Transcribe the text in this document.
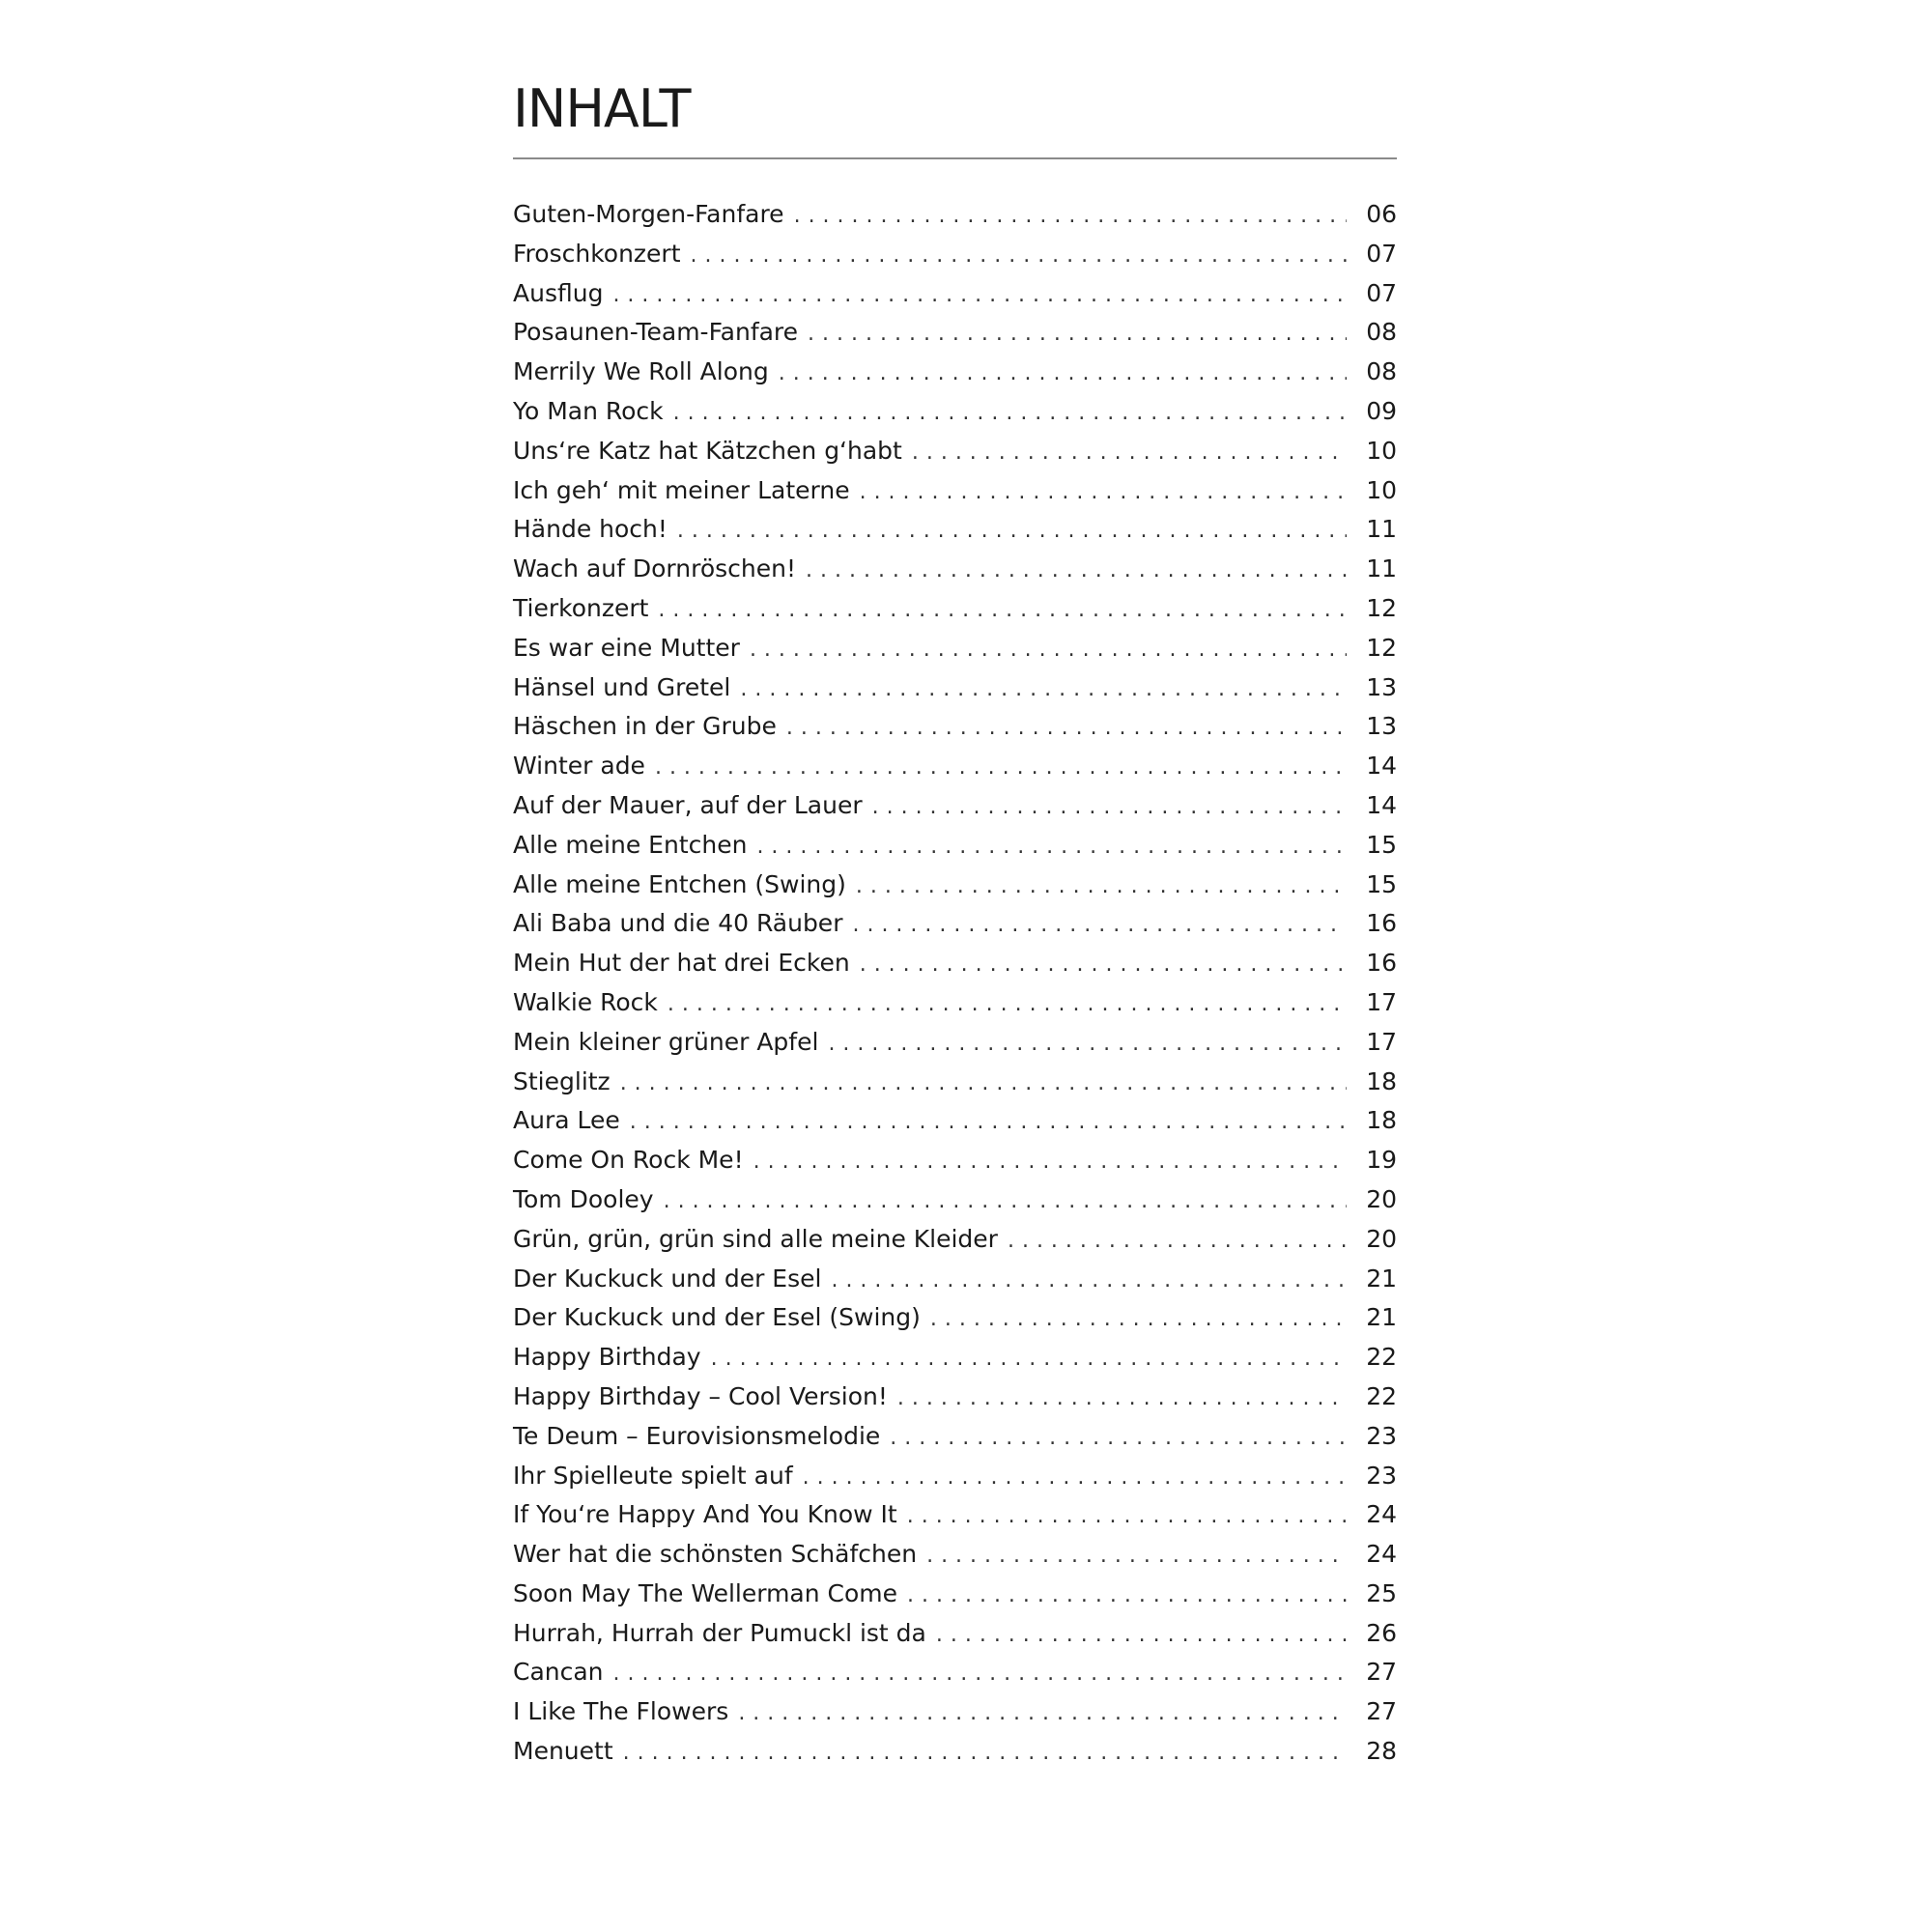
INHALT
Guten-Morgen-Fanfare . . .	06
Froschkonzert . . .	07
Ausflug . . .	07
Posaunen-Team-Fanfare . . .	08
Merrily We Roll Along . . .	08
Yo Man Rock . . .	09
Uns‘re Katz hat Kätzchen g‘habt . . .	10
Ich geh‘ mit meiner Laterne . . .	10
Hände hoch! . . .	11
Wach auf Dornröschen! . . .	11
Tierkonzert . . .	12
Es war eine Mutter . . .	12
Hänsel und Gretel . . .	13
Häschen in der Grube . . .	13
Winter ade . . .	14
Auf der Mauer, auf der Lauer . . .	14
Alle meine Entchen . . .	15
Alle meine Entchen (Swing) . . .	15
Ali Baba und die 40 Räuber . . .	16
Mein Hut der hat drei Ecken . . .	16
Walkie Rock . . .	17
Mein kleiner grüner Apfel . . .	17
Stieglitz . . .	18
Aura Lee . . .	18
Come On Rock Me! . . .	19
Tom Dooley . . .	20
Grün, grün, grün sind alle meine Kleider . . .	20
Der Kuckuck und der Esel . . .	21
Der Kuckuck und der Esel (Swing) . . .	21
Happy Birthday . . .	22
Happy Birthday – Cool Version! . . .	22
Te Deum – Eurovisionsmelodie . . .	23
Ihr Spielleute spielt auf . . .	23
If You‘re Happy And You Know It . . .	24
Wer hat die schönsten Schäfchen . . .	24
Soon May The Wellerman Come . . .	25
Hurrah, Hurrah der Pumuckl ist da . . .	26
Cancan . . .	27
I Like The Flowers . . .	27
Menuett . . .	28
